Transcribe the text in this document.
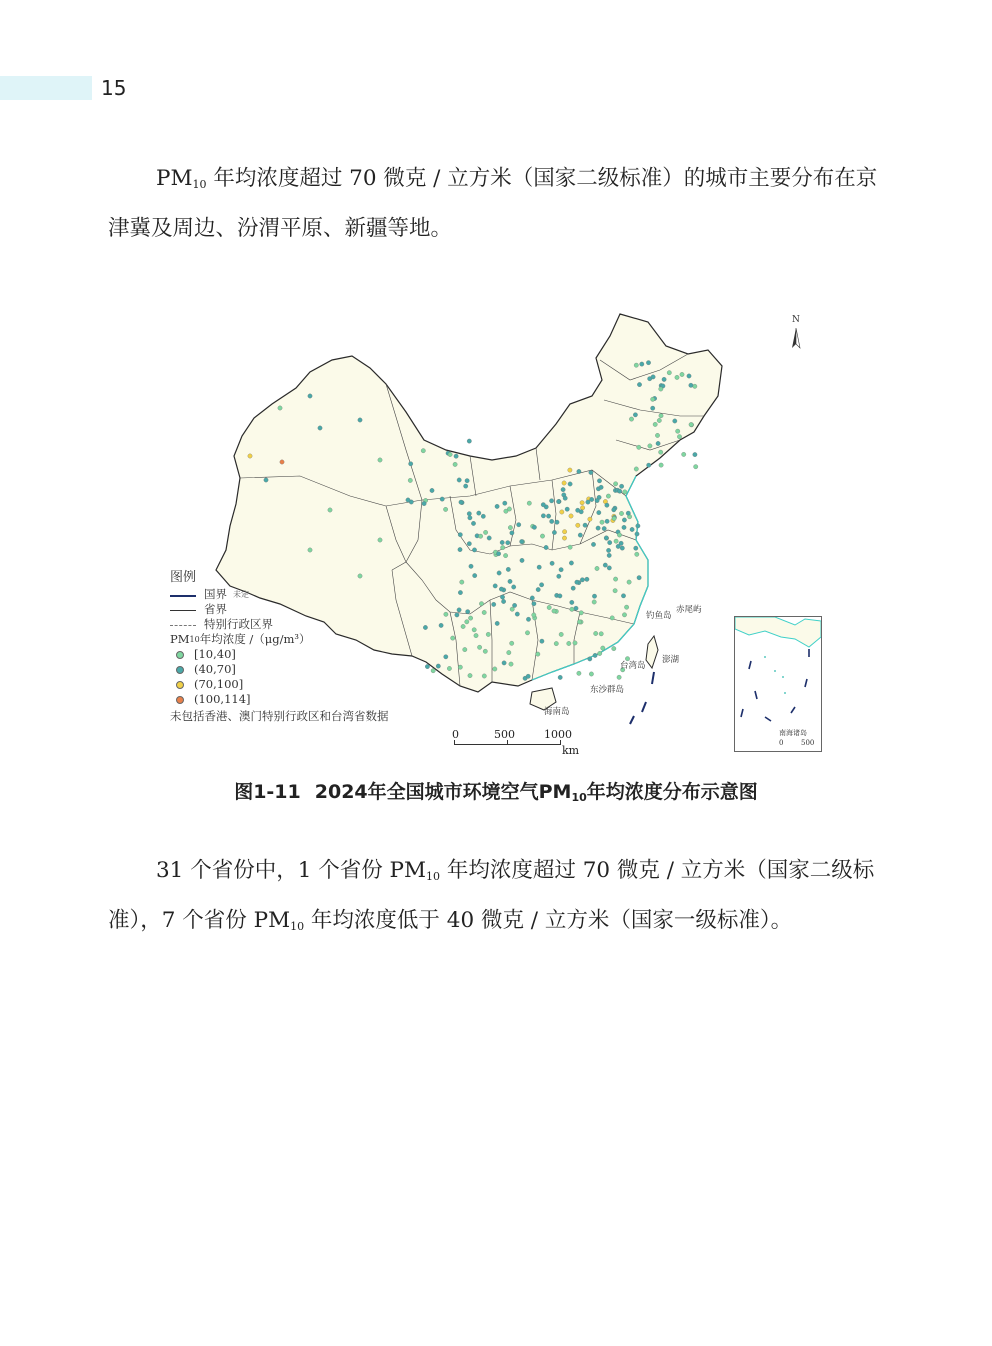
15

$PM_{10}$ 年均浓度超过 70 微克 / 立方米（国家二级标准）的城市主要分布在京津冀及周边、汾渭平原、新疆等地。

钓鱼岛
赤尾屿
台湾岛
澎湖
东沙群岛
海南岛
N
图例
国界 未定
省界
特别行政区界
PM 10 年均浓度 /（μg/m³）
[10,40]
(40,70]
(70,100]
(100,114]
未包括香港、澳门特别行政区和台湾省数据
0	500	1000
km
南海诸岛
0	500
图1-11 2024年全国城市环境空气$PM_{10}$年均浓度分布示意图

31 个省份中，1 个省份 $PM_{10}$ 年均浓度超过 70 微克 / 立方米（国家二级标准），7 个省份 $PM_{10}$ 年均浓度低于 40 微克 / 立方米（国家一级标准）。
